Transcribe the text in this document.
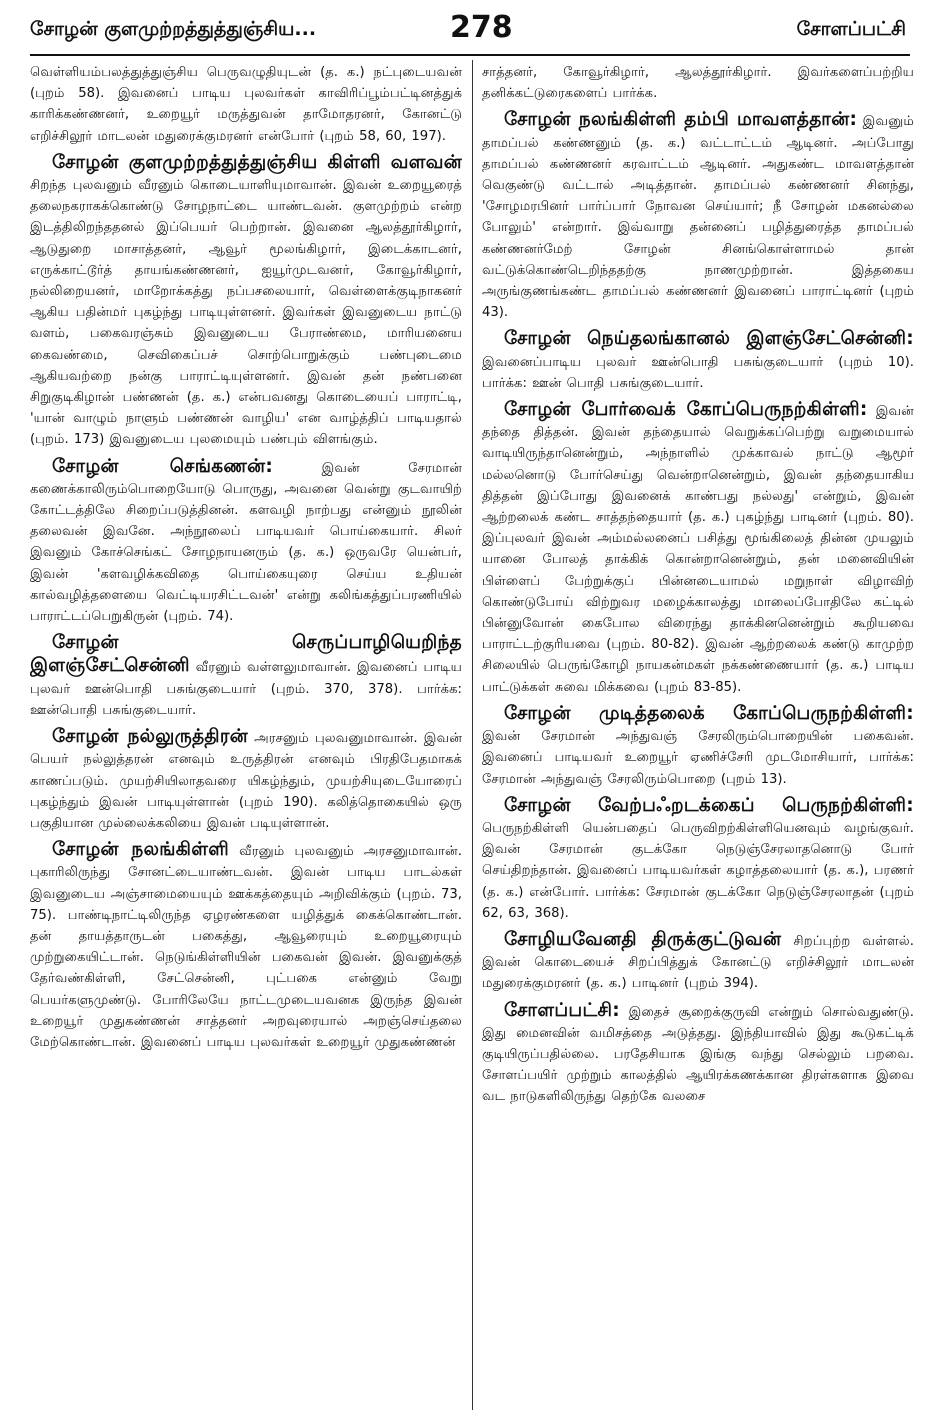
சோழன் குளமுற்றத்துத்துஞ்சிய...	278	சோளப்பட்சி

வெள்ளியம்பலத்துத்துஞ்சிய பெருவழுதியுடன் (த. க.) நட்புடையவன் (புறம் 58). இவனைப் பாடிய புலவர்கள் காவிரிப்பூம்பட்டினத்துக் காரிக்கண்ணனர், உறையூர் மருத்துவன் தாமோதரனர், கோனட்டு எறிச்சிலூர் மாடலன் மதுரைக்குமரனர் என்போர் (புறம் 58, 60, 197).

சோழன் குளமுற்றத்துத்துஞ்சிய கிள்ளி வளவன் சிறந்த புலவனும் வீரனும் கொடையாளியுமாவான். இவன் உறையூரைத் தலைநகராகக்கொண்டு சோழநாட்டை யாண்டவன். குளமுற்றம் என்ற இடத்திலிறந்ததனல் இப்பெயர் பெற்றான். இவனை ஆலத்தூர்கிழார், ஆடுதுறை மாசாத்தனர், ஆவூர் மூலங்கிழார், இடைக்காடனர், எருக்காட்டூர்த் தாயங்கண்ணனர், ஐயூர்முடவனர், கோவூர்கிழார், நல்லிறையனர், மாறோக்கத்து நப்பசலையார், வெள்ளைக்குடிநாகனர் ஆகிய பதின்மர் புகழ்ந்து பாடியுள்ளனர். இவர்கள் இவனுடைய நாட்டு வளம், பகைவரஞ்சும் இவனுடைய பேராண்மை, மாரியனைய கைவண்மை, செவிகைப்பச் சொற்பொறுக்கும் பண்புடைமை ஆகியவற்றை நன்கு பாராட்டியுள்ளனர். இவன் தன் நண்பனை சிறுகுடிகிழான் பண்ணன் (த. க.) என்பவனது கொடையைப் பாராட்டி, 'யான் வாழும் நாளும் பண்ணன் வாழிய' என வாழ்த்திப் பாடியதால் (புறம். 173) இவனுடைய புலமையும் பண்பும் விளங்கும்.

சோழன் செங்கணன்:	இவன் சேரமான் கணைக்காலிரும்பொறையோடு பொருது, அவனை வென்று குடவாயிற் கோட்டத்திலே சிறைப்படுத்தினன். களவழி நாற்பது என்னும் நூலின் தலைவன் இவனே. அந்நூலைப் பாடியவர் பொய்கையார். சிலர் இவனும் கோச்செங்கட் சோழநாயனரும் (த. க.) ஒருவரே யென்பர், இவன் 'களவழிக்கவிதை பொய்கையுரை செய்ய உதியன் கால்வழித்தளையை வெட்டியரசிட்டவன்' என்று கலிங்கத்துப்பரணியில் பாராட்டப்பெறுகிருன் (புறம். 74).

சோழன் செருப்பாழியெறிந்த இளஞ்சேட்சென்னி வீரனும் வள்ளலுமாவான். இவனைப் பாடிய புலவர் ஊன்பொதி பசுங்குடையார் (புறம். 370, 378). பார்க்க: ஊன்பொதி பசுங்குடையார்.

சோழன் நல்லுருத்திரன் அரசனும் புலவனுமாவான். இவன் பெயர் நல்லுத்தரன் எனவும் உருத்திரன் எனவும் பிரதிபேதமாகக் காணப்படும். முயற்சியிலாதவரை யிகழ்ந்தும், முயற்சியுடையோரைப் புகழ்ந்தும் இவன் பாடியுள்ளான் (புறம் 190). கலித்தொகையில் ஒரு பகுதியான முல்லைக்கலியை இவன் படியுள்ளான்.

சோழன் நலங்கிள்ளி வீரனும் புலவனும் அரசனுமாவான். புகாரிலிருந்து சோனட்டையாண்டவன். இவன் பாடிய பாடல்கள் இவனுடைய அஞ்சாமையையும் ஊக்கத்தையும் அறிவிக்கும் (புறம். 73, 75). பாண்டிநாட்டிலிருந்த ஏழரண்களை யழித்துக் கைக்கொண்டான். தன் தாயத்தாருடன் பகைத்து, ஆவூரையும் உறையூரையும் முற்றுகையிட்டான். நெடுங்கிள்ளியின் பகைவன் இவன். இவனுக்குத் தேர்வண்கிள்ளி, சேட்சென்னி, புட்பகை என்னும் வேறு பெயர்களுமுண்டு. போரிலேயே நாட்டமுடையவனக இருந்த இவன் உறையூர் முதுகண்ணன் சாத்தனர் அறவுரையால் அறஞ்செய்தலை மேற்கொண்டான். இவனைப் பாடிய புலவர்கள் உறையூர் முதுகண்ணன்

சாத்தனர், கோவூர்கிழார், ஆலத்தூர்கிழார். இவர்களைப்பற்றிய தனிக்கட்டுரைகளைப் பார்க்க.

சோழன் நலங்கிள்ளி தம்பி மாவளத்தான்: இவனும் தாமப்பல் கண்ணனும் (த. க.) வட்டாட்டம் ஆடினர். அப்போது தாமப்பல் கண்ணனர் கரவாட்டம் ஆடினர். அதுகண்ட மாவளத்தான் வெகுண்டு வட்டால் அடித்தான். தாமப்பல் கண்ணனர் சினந்து, 'சோழமரபினர் பார்ப்பார் நோவன செய்யார்; நீ சோழன் மகனல்லை போலும்' என்றார். இவ்வாறு தன்னைப் பழித்துரைத்த தாமப்பல் கண்ணனர்மேற் சோழன் சினங்கொள்ளாமல் தான் வட்டுக்கொண்டெறிந்ததற்கு நாணமுற்றான். இத்தகைய அருங்குணங்கண்ட தாமப்பல் கண்ணனர் இவனைப் பாராட்டினர் (புறம் 43).

சோழன் நெய்தலங்கானல் இளஞ்சேட்சென்னி: இவனைப்பாடிய புலவர் ஊன்பொதி பசுங்குடையார் (புறம் 10). பார்க்க: ஊன் பொதி பசுங்குடையார்.

சோழன் போர்வைக் கோப்பெருநற்கிள்ளி: இவன் தந்தை தித்தன். இவன் தந்தையால் வெறுக்கப்பெற்று வறுமையால் வாடியிருந்தானென்றும், அந்நாளில் முக்காவல் நாட்டு ஆமூர் மல்லனொடு போர்செய்து வென்றானென்றும், இவன் தந்தையாகிய தித்தன் இப்போது இவனைக் காண்பது நல்லது' என்றும், இவன் ஆற்றலைக் கண்ட சாத்தந்தையார் (த. க.) புகழ்ந்து பாடினர் (புறம். 80). இப்புலவர் இவன் அம்மல்லனைப் பசித்து மூங்கிலைத் தின்ன முயலும் யானை போலத் தாக்கிக் கொன்றானென்றும், தன் மனைவியின் பிள்ளைப் பேற்றுக்குப் பின்னடையாமல் மறுநாள் விழாவிற் கொண்டுபோய் விற்றுவர மழைக்காலத்து மாலைப்போதிலே கட்டில் பின்னுவோன் கைபோல விரைந்து தாக்கினனென்றும் கூறியவை பாராட்டற்குரியவை (புறம். 80-82). இவன் ஆற்றலைக் கண்டு காமுற்ற சிலையில் பெருங்கோழி நாயகன்மகள் நக்கண்ணையார் (த. க.) பாடிய பாட்டுக்கள் சுவை மிக்கவை (புறம் 83-85).

சோழன் முடித்தலைக் கோப்பெருநற்கிள்ளி: இவன் சேரமான் அந்துவஞ் சேரலிரும்பொறையின் பகைவன். இவனைப் பாடியவர் உறையூர் ஏணிச்சேரி முடமோசியார், பார்க்க: சேரமான் அந்துவஞ் சேரலிரும்பொறை (புறம் 13).

சோழன் வேற்பஃறடக்கைப் பெருநற்கிள்ளி: பெருநற்கிள்ளி யென்பதைப் பெருவிறற்கிள்ளியெனவும் வழங்குவர். இவன் சேரமான் குடக்கோ நெடுஞ்சேரலாதனொடு போர் செய்திறந்தான். இவனைப் பாடியவர்கள் கழாத்தலையார் (த. க.), பரணர் (த. க.) என்போர். பார்க்க: சேரமான் குடக்கோ நெடுஞ்சேரலாதன் (புறம் 62, 63, 368).

சோழியவேனதி திருக்குட்டுவன் சிறப்புற்ற வள்ளல். இவன் கொடையைச் சிறப்பித்துக் கோனட்டு எறிச்சிலூர் மாடலன் மதுரைக்குமரனர் (த. க.) பாடினர் (புறம் 394).

சோளப்பட்சி: இதைச் சூறைக்குருவி என்றும் சொல்வதுண்டு. இது மைனவின் வமிசத்தை அடுத்தது. இந்தியாவில் இது கூடுகட்டிக் குடியிருப்பதில்லை. பரதேசியாக இங்கு வந்து செல்லும் பறவை. சோளப்பயிர் முற்றும் காலத்தில் ஆயிரக்கணக்கான திரள்களாக இவை வட நாடுகளிலிருந்து தெற்கே வலசை
